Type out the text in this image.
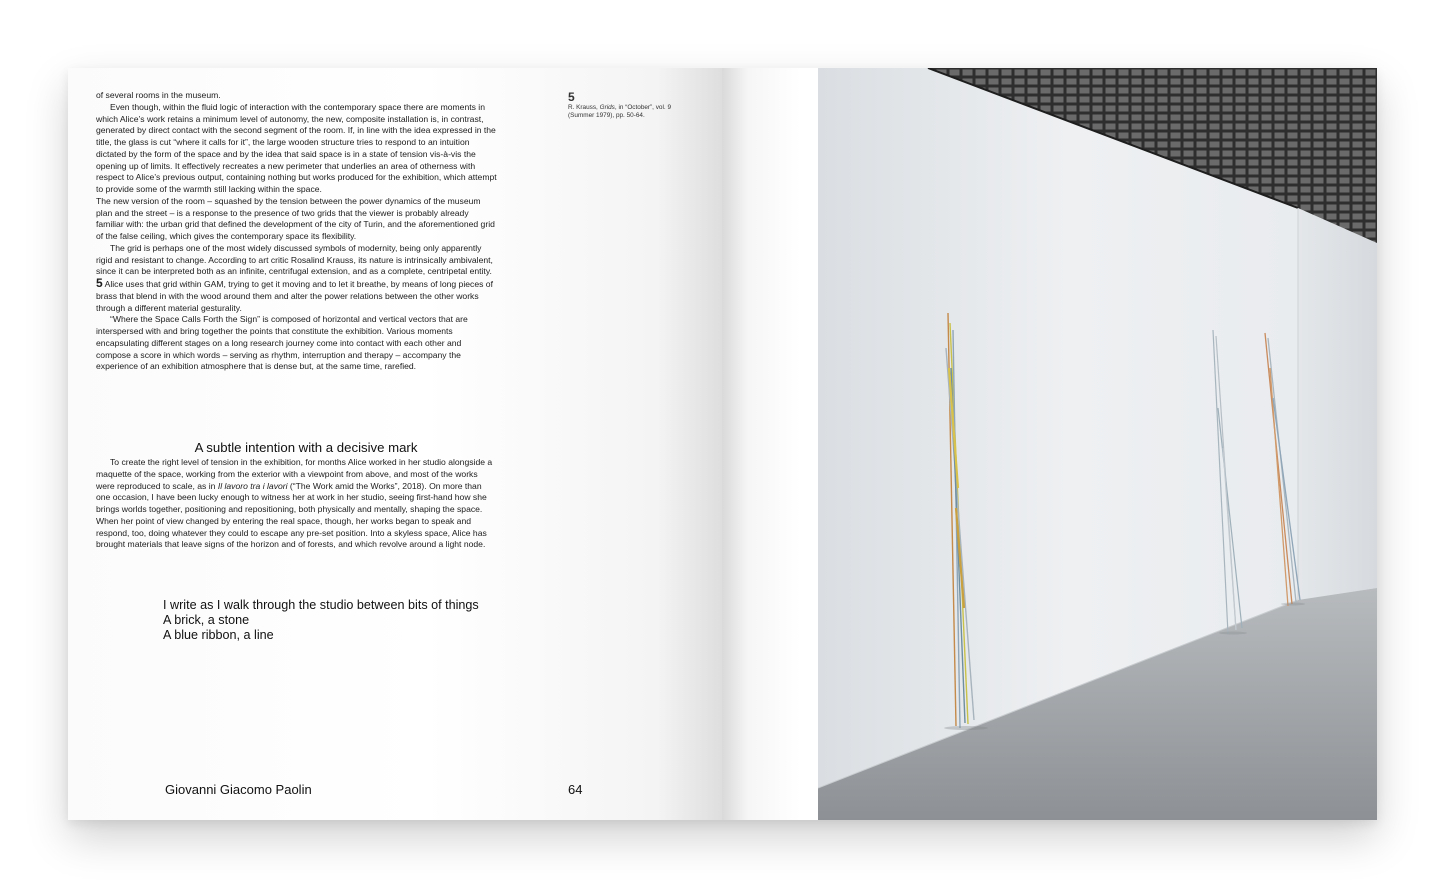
of several rooms in the museum.

Even though, within the fluid logic of interaction with the contemporary space there are moments in which Alice’s work retains a minimum level of autonomy, the new, composite installation is, in contrast, generated by direct contact with the second segment of the room. If, in line with the idea expressed in the title, the glass is cut “where it calls for it”, the large wooden structure tries to respond to an intuition dictated by the form of the space and by the idea that said space is in a state of tension vis-à-vis the opening up of limits. It effectively recreates a new perimeter that underlies an area of otherness with respect to Alice’s previous output, containing nothing but works produced for the exhibition, which attempt to provide some of the warmth still lacking within the space.

The new version of the room – squashed by the tension between the power dynamics of the museum plan and the street – is a response to the presence of two grids that the viewer is probably already familiar with: the urban grid that defined the development of the city of Turin, and the aforementioned grid of the false ceiling, which gives the contemporary space its flexibility.

The grid is perhaps one of the most widely discussed symbols of modernity, being only apparently rigid and resistant to change. According to art critic Rosalind Krauss, its nature is intrinsically ambivalent, since it can be interpreted both as an infinite, centrifugal extension, and as a complete, centripetal entity. 5 Alice uses that grid within GAM, trying to get it moving and to let it breathe, by means of long pieces of brass that blend in with the wood around them and alter the power relations between the other works through a different material gesturality.

“Where the Space Calls Forth the Sign” is composed of horizontal and vertical vectors that are interspersed with and bring together the points that constitute the exhibition. Various moments encapsulating different stages on a long research journey come into contact with each other and compose a score in which words – serving as rhythm, interruption and therapy – accompany the experience of an exhibition atmosphere that is dense but, at the same time, rarefied.

5
R. Krauss, Grids, in “October”, vol. 9 (Summer 1979), pp. 50-64.
A subtle intention with a decisive mark

To create the right level of tension in the exhibition, for months Alice worked in her studio alongside a maquette of the space, working from the exterior with a viewpoint from above, and most of the works were reproduced to scale, as in Il lavoro tra i lavori (“The Work amid the Works”, 2018). On more than one occasion, I have been lucky enough to witness her at work in her studio, seeing first-hand how she brings worlds together, positioning and repositioning, both physically and mentally, shaping the space. When her point of view changed by entering the real space, though, her works began to speak and respond, too, doing whatever they could to escape any pre-set position. Into a skyless space, Alice has brought materials that leave signs of the horizon and of forests, and which revolve around a light node.

I write as I walk through the studio between bits of things
A brick, a stone
A blue ribbon, a line
Giovanni Giacomo Paolin	64
